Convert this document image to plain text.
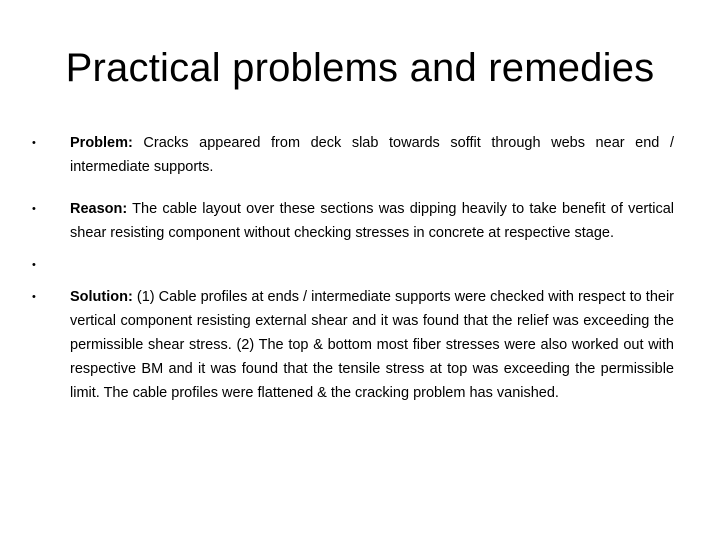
Practical problems and remedies
•	Problem: Cracks appeared from deck slab towards soffit through webs near end / intermediate supports.
•	Reason: The cable layout over these sections was dipping heavily to take benefit of vertical shear resisting component without checking stresses in concrete at respective stage.
•
•	Solution: (1) Cable profiles at ends / intermediate supports were checked with respect to their vertical component resisting external shear and it was found that the relief was exceeding the permissible shear stress. (2) The top & bottom most fiber stresses were also worked out with respective BM and it was found that the tensile stress at top was exceeding the permissible limit. The cable profiles were flattened & the cracking problem has vanished.
